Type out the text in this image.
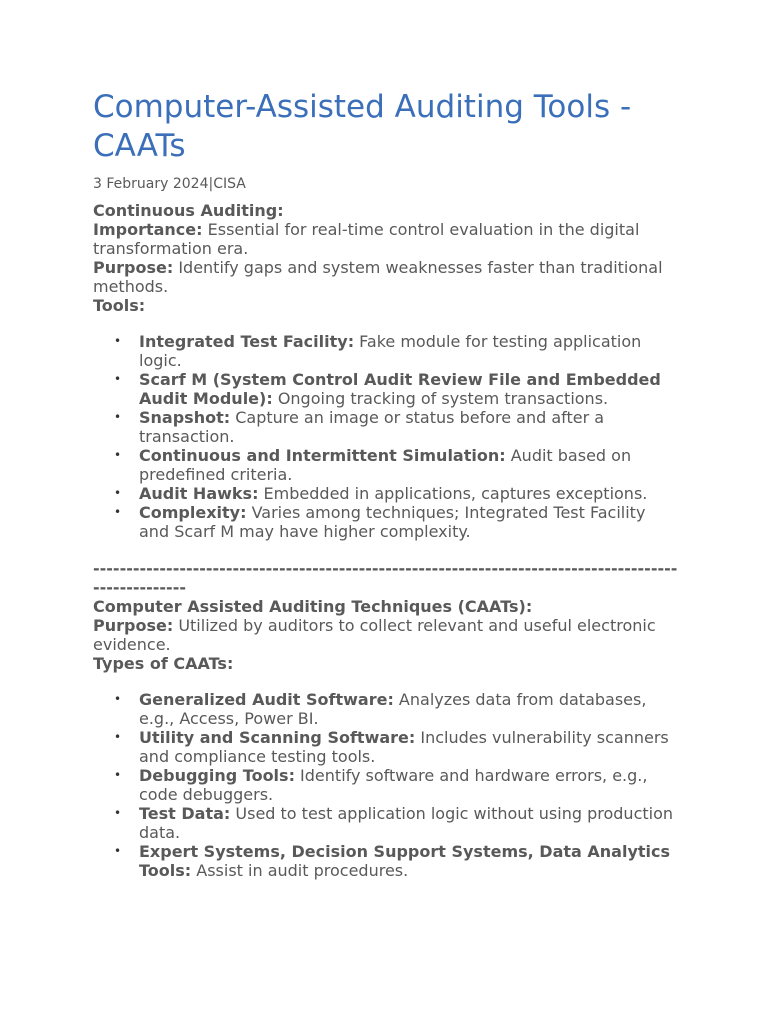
Computer-Assisted Auditing Tools - CAATs
3 February 2024|CISA

Continuous Auditing:

Importance: Essential for real-time control evaluation in the digital transformation era.

Purpose: Identify gaps and system weaknesses faster than traditional methods.

Tools:

• Integrated Test Facility: Fake module for testing application logic.
• Scarf M (System Control Audit Review File and Embedded Audit Module): Ongoing tracking of system transactions.
• Snapshot: Capture an image or status before and after a transaction.
• Continuous and Intermittent Simulation: Audit based on predefined criteria.
• Audit Hawks: Embedded in applications, captures exceptions.
• Complexity: Varies among techniques; Integrated Test Facility and Scarf M may have higher complexity.
------------------------------------------------------------------------------------------------------

Computer Assisted Auditing Techniques (CAATs):

Purpose: Utilized by auditors to collect relevant and useful electronic evidence.

Types of CAATs:

• Generalized Audit Software: Analyzes data from databases, e.g., Access, Power BI.
• Utility and Scanning Software: Includes vulnerability scanners and compliance testing tools.
• Debugging Tools: Identify software and hardware errors, e.g., code debuggers.
• Test Data: Used to test application logic without using production data.
• Expert Systems, Decision Support Systems, Data Analytics Tools: Assist in audit procedures.
